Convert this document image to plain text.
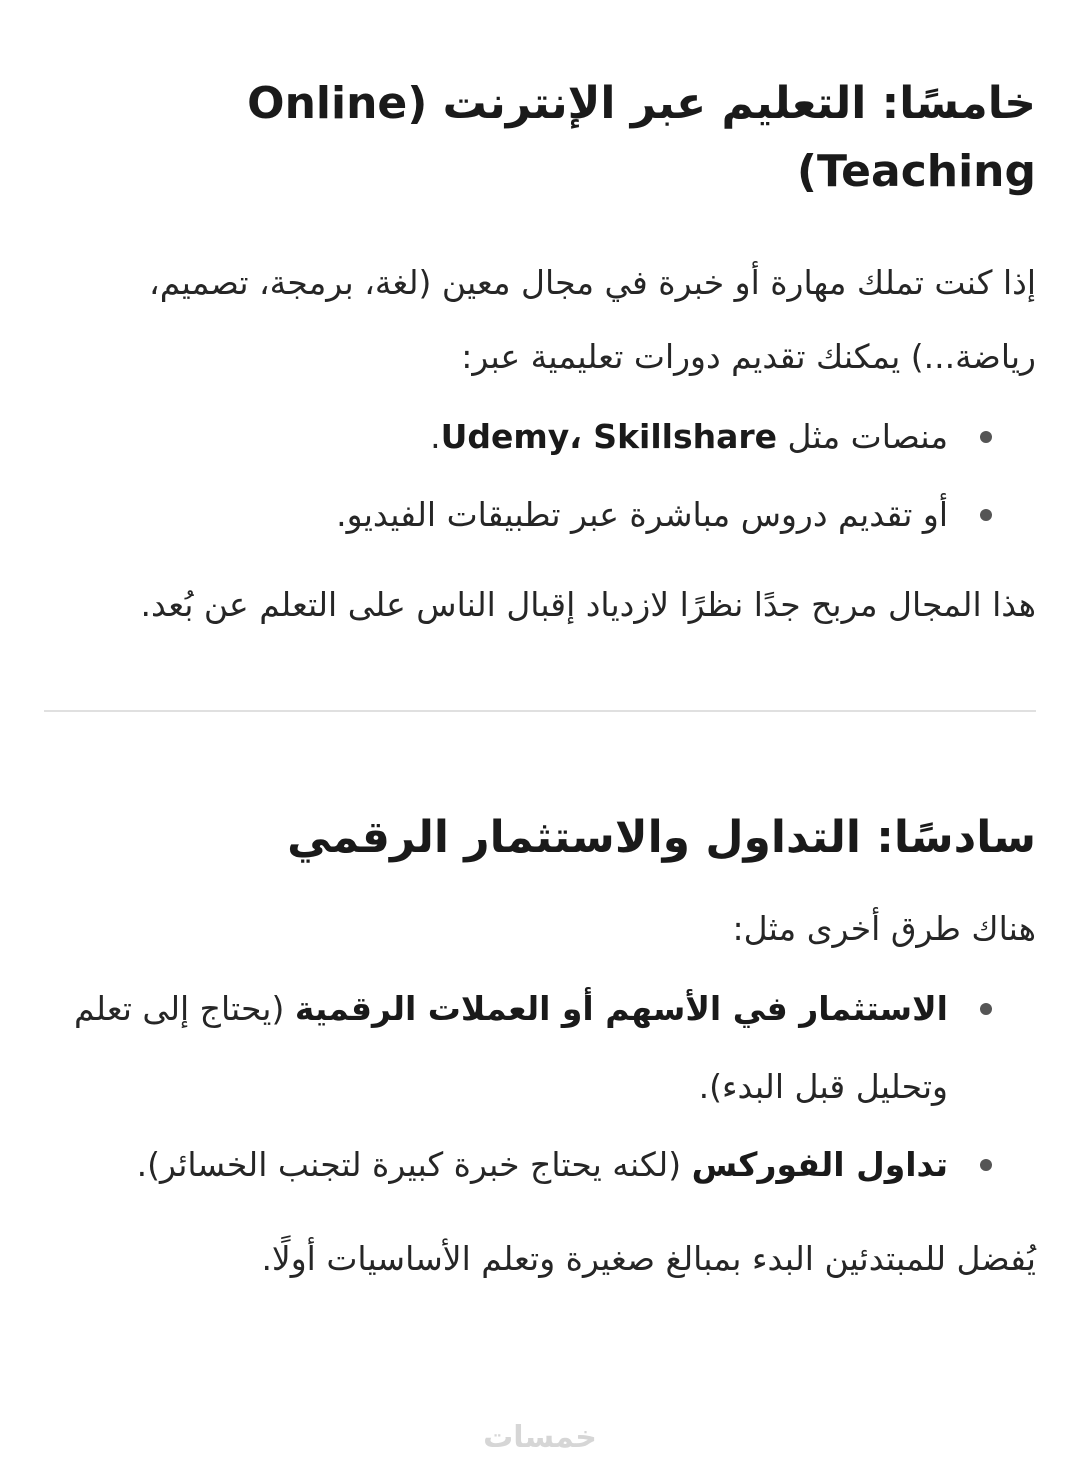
خامسًا: التعليم عبر الإنترنت (Online Teaching)

إذا كنت تملك مهارة أو خبرة في مجال معين (لغة، برمجة، تصميم، رياضة...) يمكنك تقديم دورات تعليمية عبر:

منصات مثل Udemy، Skillshare.
أو تقديم دروس مباشرة عبر تطبيقات الفيديو.

هذا المجال مربح جدًا نظرًا لازدياد إقبال الناس على التعلم عن بُعد.

سادسًا: التداول والاستثمار الرقمي

هناك طرق أخرى مثل:

الاستثمار في الأسهم أو العملات الرقمية (يحتاج إلى تعلم وتحليل قبل البدء).
تداول الفوركس (لكنه يحتاج خبرة كبيرة لتجنب الخسائر).

يُفضل للمبتدئين البدء بمبالغ صغيرة وتعلم الأساسيات أولًا.

خمسات
